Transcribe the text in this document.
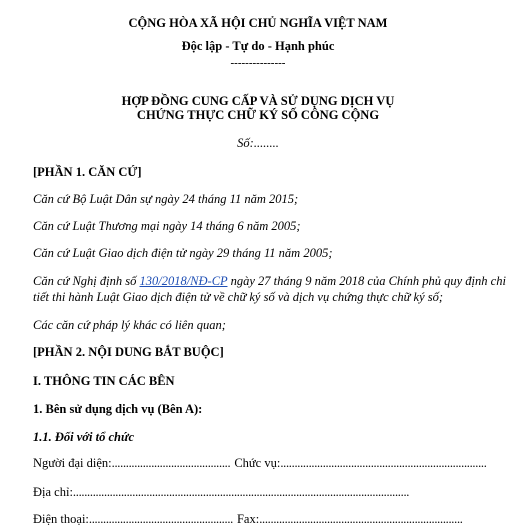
CỘNG HÒA XÃ HỘI CHỦ NGHĨA VIỆT NAM
Độc lập - Tự do - Hạnh phúc
---------------
HỢP ĐỒNG CUNG CẤP VÀ SỬ DỤNG DỊCH VỤ
CHỨNG THỰC CHỮ KÝ SỐ CÔNG CỘNG
Số:........
[PHẦN 1. CĂN CỨ]
Căn cứ Bộ Luật Dân sự ngày 24 tháng 11 năm 2015;
Căn cứ Luật Thương mại ngày 14 tháng 6 năm 2005;
Căn cứ Luật Giao dịch điện tử ngày 29 tháng 11 năm 2005;
Căn cứ Nghị định số 130/2018/NĐ-CP ngày 27 tháng 9 năm 2018 của Chính phủ quy định chi
tiết thi hành Luật Giao dịch điện tử về chữ ký số và dịch vụ chứng thực chữ ký số;
Các căn cứ pháp lý khác có liên quan;
[PHẦN 2. NỘI DUNG BẮT BUỘC]
I. THÔNG TIN CÁC BÊN
1. Bên sử dụng dịch vụ (Bên A):
1.1. Đối với tổ chức
Người đại diện:.......................................... Chức vụ:.........................................................................
Địa chỉ:.......................................................................................................................
Điện thoại:................................................... Fax:........................................................................
